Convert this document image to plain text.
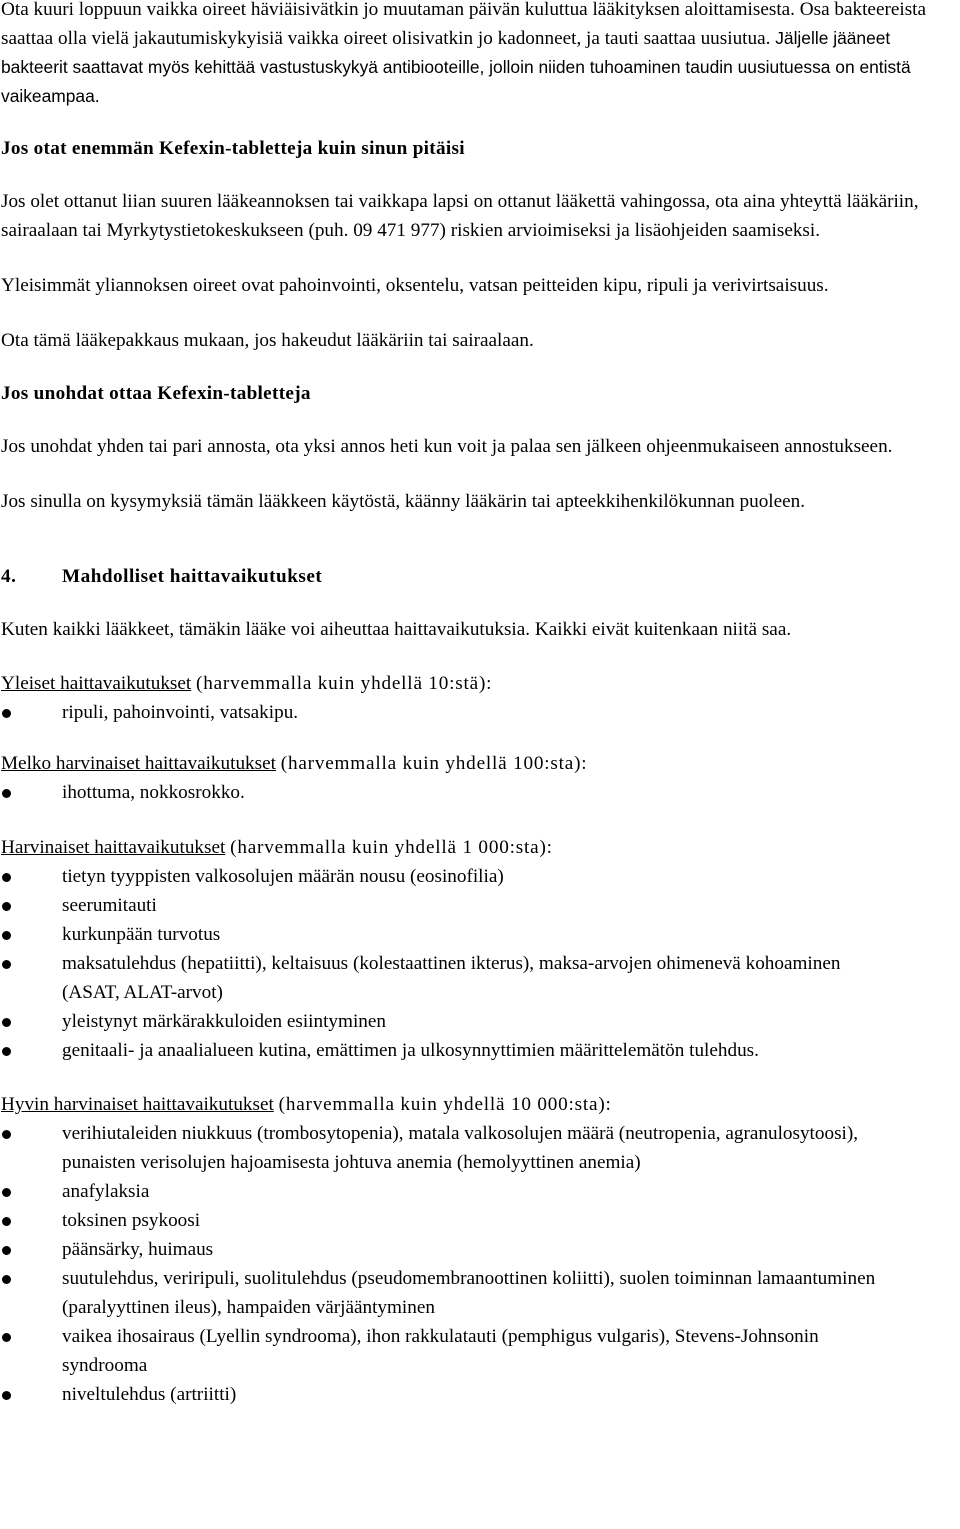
Ota kuuri loppuun vaikka oireet häviäisivätkin jo muutaman päivän kuluttua lääkityksen aloittamisesta. Osa bakteereista saattaa olla vielä jakautumiskykyisiä vaikka oireet olisivatkin jo kadonneet, ja tauti saattaa uusiutua. Jäljelle jääneet bakteerit saattavat myös kehittää vastustuskykyä antibiooteille, jolloin niiden tuhoaminen taudin uusiutuessa on entistä vaikeampaa.

Jos otat enemmän Kefexin-tabletteja kuin sinun pitäisi

Jos olet ottanut liian suuren lääkeannoksen tai vaikkapa lapsi on ottanut lääkettä vahingossa, ota aina yhteyttä lääkäriin, sairaalaan tai Myrkytystietokeskukseen (puh. 09 471 977) riskien arvioimiseksi ja lisäohjeiden saamiseksi.

Yleisimmät yliannoksen oireet ovat pahoinvointi, oksentelu, vatsan peitteiden kipu, ripuli ja verivirtsaisuus.

Ota tämä lääkepakkaus mukaan, jos hakeudut lääkäriin tai sairaalaan.

Jos unohdat ottaa Kefexin-tabletteja

Jos unohdat yhden tai pari annosta, ota yksi annos heti kun voit ja palaa sen jälkeen ohjeenmukaiseen annostukseen.

Jos sinulla on kysymyksiä tämän lääkkeen käytöstä, käänny lääkärin tai apteekkihenkilökunnan puoleen.

4.	Mahdolliset haittavaikutukset

Kuten kaikki lääkkeet, tämäkin lääke voi aiheuttaa haittavaikutuksia. Kaikki eivät kuitenkaan niitä saa.

Yleiset haittavaikutukset (harvemmalla kuin yhdellä 10:stä):

ripuli, pahoinvointi, vatsakipu.

Melko harvinaiset haittavaikutukset (harvemmalla kuin yhdellä 100:sta):

ihottuma, nokkosrokko.

Harvinaiset haittavaikutukset (harvemmalla kuin yhdellä 1 000:sta):

tietyn tyyppisten valkosolujen määrän nousu (eosinofilia)
seerumitauti
kurkunpään turvotus
maksatulehdus (hepatiitti), keltaisuus (kolestaattinen ikterus), maksa-arvojen ohimenevä kohoaminen (ASAT, ALAT-arvot)
yleistynyt märkärakkuloiden esiintyminen
genitaali- ja anaalialueen kutina, emättimen ja ulkosynnyttimien määrittelemätön tulehdus.

Hyvin harvinaiset haittavaikutukset (harvemmalla kuin yhdellä 10 000:sta):

verihiutaleiden niukkuus (trombosytopenia), matala valkosolujen määrä (neutropenia, agranulosytoosi), punaisten verisolujen hajoamisesta johtuva anemia (hemolyyttinen anemia)
anafylaksia
toksinen psykoosi
päänsärky, huimaus
suutulehdus, veriripuli, suolitulehdus (pseudomembranoottinen koliitti), suolen toiminnan lamaantuminen (paralyyttinen ileus), hampaiden värjääntyminen
vaikea ihosairaus (Lyellin syndrooma), ihon rakkulatauti (pemphigus vulgaris), Stevens-Johnsonin syndrooma
niveltulehdus (artriitti)
